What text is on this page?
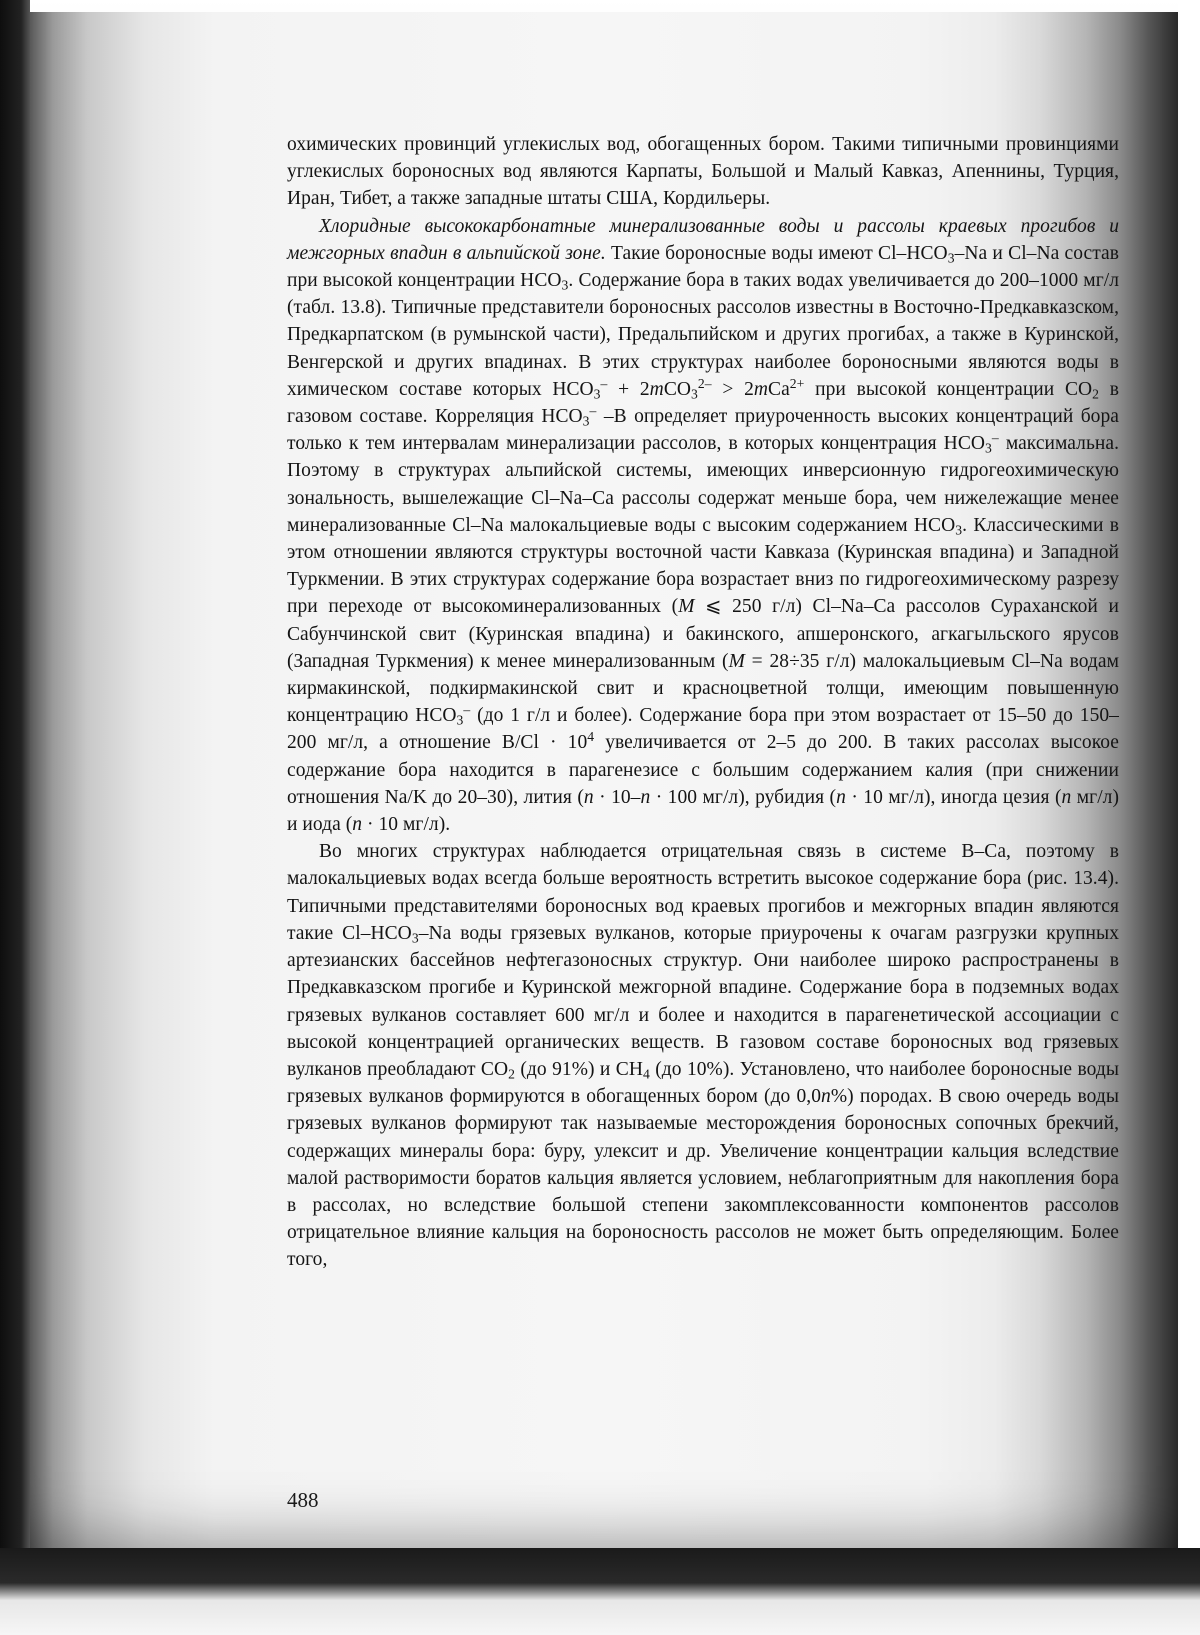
охимических провинций углекислых вод, обогащенных бором. Такими типичными провинциями углекислых бороносных вод являются Карпаты, Большой и Малый Кавказ, Апеннины, Турция, Иран, Тибет, а также западные штаты США, Кордильеры.

Хлоридные высококарбонатные минерализованные воды и рассолы краевых прогибов и межгорных впадин в альпийской зоне. Такие бороносные воды имеют Cl–HCO3–Na и Cl–Na состав при высокой концентрации HCO3. Содержание бора в таких водах увеличивается до 200–1000 мг/л (табл. 13.8). Типичные представители бороносных рассолов известны в Восточно-Предкавказском, Предкарпатском (в румынской части), Предальпийском и других прогибах, а также в Куринской, Венгерской и других впадинах. В этих структурах наиболее бороносными являются воды в химическом составе которых HCO3– + 2mCO32– > 2mCa2+ при высокой концентрации CO2 в газовом составе. Корреляция HCO3– –B определяет приуроченность высоких концентраций бора только к тем интервалам минерализации рассолов, в которых концентрация HCO3– максимальна. Поэтому в структурах альпийской системы, имеющих инверсионную гидрогеохимическую зональность, вышележащие Cl–Na–Ca рассолы содержат меньше бора, чем нижележащие менее минерализованные Cl–Na малокальциевые воды с высоким содержанием HCO3. Классическими в этом отношении являются структуры восточной части Кавказа (Куринская впадина) и Западной Туркмении. В этих структурах содержание бора возрастает вниз по гидрогеохимическому разрезу при переходе от высокоминерализованных (M ⩽ 250 г/л) Cl–Na–Ca рассолов Сураханской и Сабунчинской свит (Куринская впадина) и бакинского, апшеронского, агкагыльского ярусов (Западная Туркмения) к менее минерализованным (M = 28÷35 г/л) малокальциевым Cl–Na водам кирмакинской, подкирмакинской свит и красноцветной толщи, имеющим повышенную концентрацию HCO3– (до 1 г/л и более). Содержание бора при этом возрастает от 15–50 до 150–200 мг/л, а отношение B/Cl · 104 увеличивается от 2–5 до 200. В таких рассолах высокое содержание бора находится в парагенезисе с большим содержанием калия (при снижении отношения Na/K до 20–30), лития (n · 10–n · 100 мг/л), рубидия (n · 10 мг/л), иногда цезия (n мг/л) и иода (n · 10 мг/л).

Во многих структурах наблюдается отрицательная связь в системе B–Ca, поэтому в малокальциевых водах всегда больше вероятность встретить высокое содержание бора (рис. 13.4). Типичными представителями бороносных вод краевых прогибов и межгорных впадин являются такие Cl–HCO3–Na воды грязевых вулканов, которые приурочены к очагам разгрузки крупных артезианских бассейнов нефтегазоносных структур. Они наиболее широко распространены в Предкавказском прогибе и Куринской межгорной впадине. Содержание бора в подземных водах грязевых вулканов составляет 600 мг/л и более и находится в парагенетической ассоциации с высокой концентрацией органических веществ. В газовом составе бороносных вод грязевых вулканов преобладают CO2 (до 91%) и CH4 (до 10%). Установлено, что наиболее бороносные воды грязевых вулканов формируются в обогащенных бором (до 0,0n%) породах. В свою очередь воды грязевых вулканов формируют так называемые месторождения бороносных сопочных брекчий, содержащих минералы бора: буру, улексит и др. Увеличение концентрации кальция вследствие малой растворимости боратов кальция является условием, неблагоприятным для накопления бора в рассолах, но вследствие большой степени закомплексованности компонентов рассолов отрицательное влияние кальция на бороносность рассолов не может быть определяющим. Более того,

488
